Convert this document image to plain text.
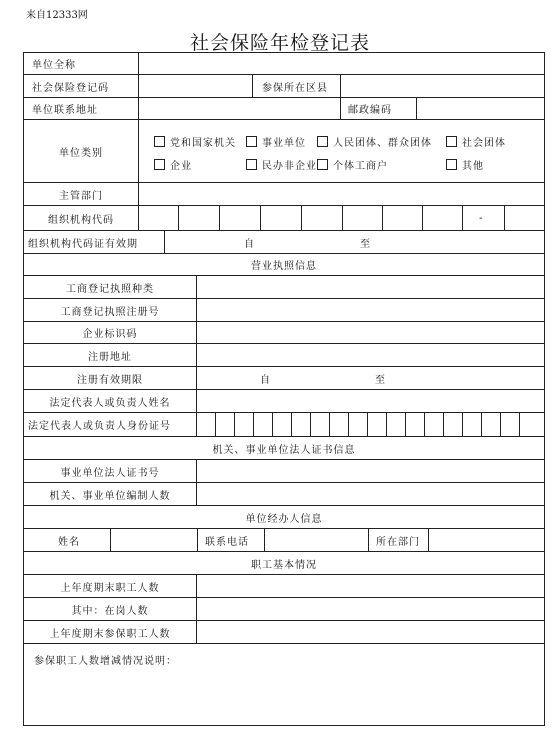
来自12333网
社会保险年检登记表
单位全称
社会保险登记码	参保所在区县
单位联系地址	邮政编码
单位类别
党和国家机关	事业单位	人民团体、群众团体	社会团体
企业	民办非企业 个体工商户	其他
主管部门
组织机构代码	-
组织机构代码证有效期	自	至
营业执照信息
工商登记执照种类
工商登记执照注册号
企业标识码
注册地址
注册有效期限	自	至
法定代表人或负责人姓名
法定代表人或负责人身份证号
机关、事业单位法人证书信息
事业单位法人证书号
机关、事业单位编制人数
单位经办人信息
姓名	联系电话	所在部门
职工基本情况
上年度期末职工人数
其中：在岗人数
上年度期末参保职工人数
参保职工人数增减情况说明：
